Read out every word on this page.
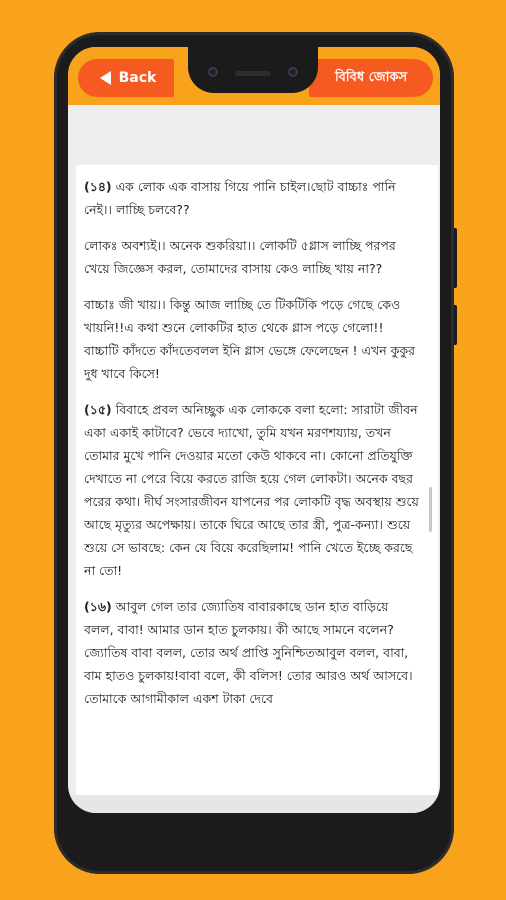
Back	বিবিধ জোকস

(১৪) এক লোক এক বাসায় গিয়ে পানি চাইল।ছোট বাচ্চাঃ পানি নেই।। লাচ্ছি চলবে??

লোকঃ অবশ্যই।। অনেক শুকরিয়া।। লোকটি ৫গ্লাস লাচ্ছি পরপর খেয়ে জিজ্ঞেস করল, তোমাদের বাসায় কেও লাচ্ছি খায় না??

বাচ্চাঃ জী খায়।। কিন্তু আজ লাচ্ছি তে টিকটিকি পড়ে গেছে কেও খায়নি!!এ কথা শুনে লোকটির হাত থেকে গ্লাস পড়ে গেলো!! বাচ্চাটি কাঁদতে কাঁদতেবলল ইনি গ্লাস ভেঙ্গে ফেলেছেন ! এখন কুকুর দুধ খাবে কিসে!

(১৫) বিবাহে প্রবল অনিচ্ছুক এক লোককে বলা হলো: সারাটা জীবন একা একাই কাটাবে? ভেবে দ্যাখো, তুমি যখন মরণশয্যায়, তখন তোমার মুখে পানি দেওয়ার মতো কেউ থাকবে না। কোনো প্রতিযুক্তি দেখাতে না পেরে বিয়ে করতে রাজি হয়ে গেল লোকটা। অনেক বছর পরের কথা। দীর্ঘ সংসারজীবন যাপনের পর লোকটি বৃদ্ধ অবস্থায় শুয়ে আছে মৃত্যুর অপেক্ষায়। তাকে ঘিরে আছে তার স্ত্রী, পুত্র-কন্যা। শুয়ে শুয়ে সে ভাবছে: কেন যে বিয়ে করেছিলাম! পানি খেতে ইচ্ছে করছে না তো!

(১৬) আবুল গেল তার জ্যোতিষ বাবারকাছে ডান হাত বাড়িয়ে বলল, বাবা! আমার ডান হাত চুলকায়। কী আছে সামনে বলেন?জ্যোতিষ বাবা বলল, তোর অর্থ প্রাপ্তি সুনিশ্চিতআবুল বলল, বাবা, বাম হাতও চুলকায়!বাবা বলে, কী বলিস! তোর আরও অর্থ আসবে। তোমাকে আগামীকাল একশ টাকা দেবে
